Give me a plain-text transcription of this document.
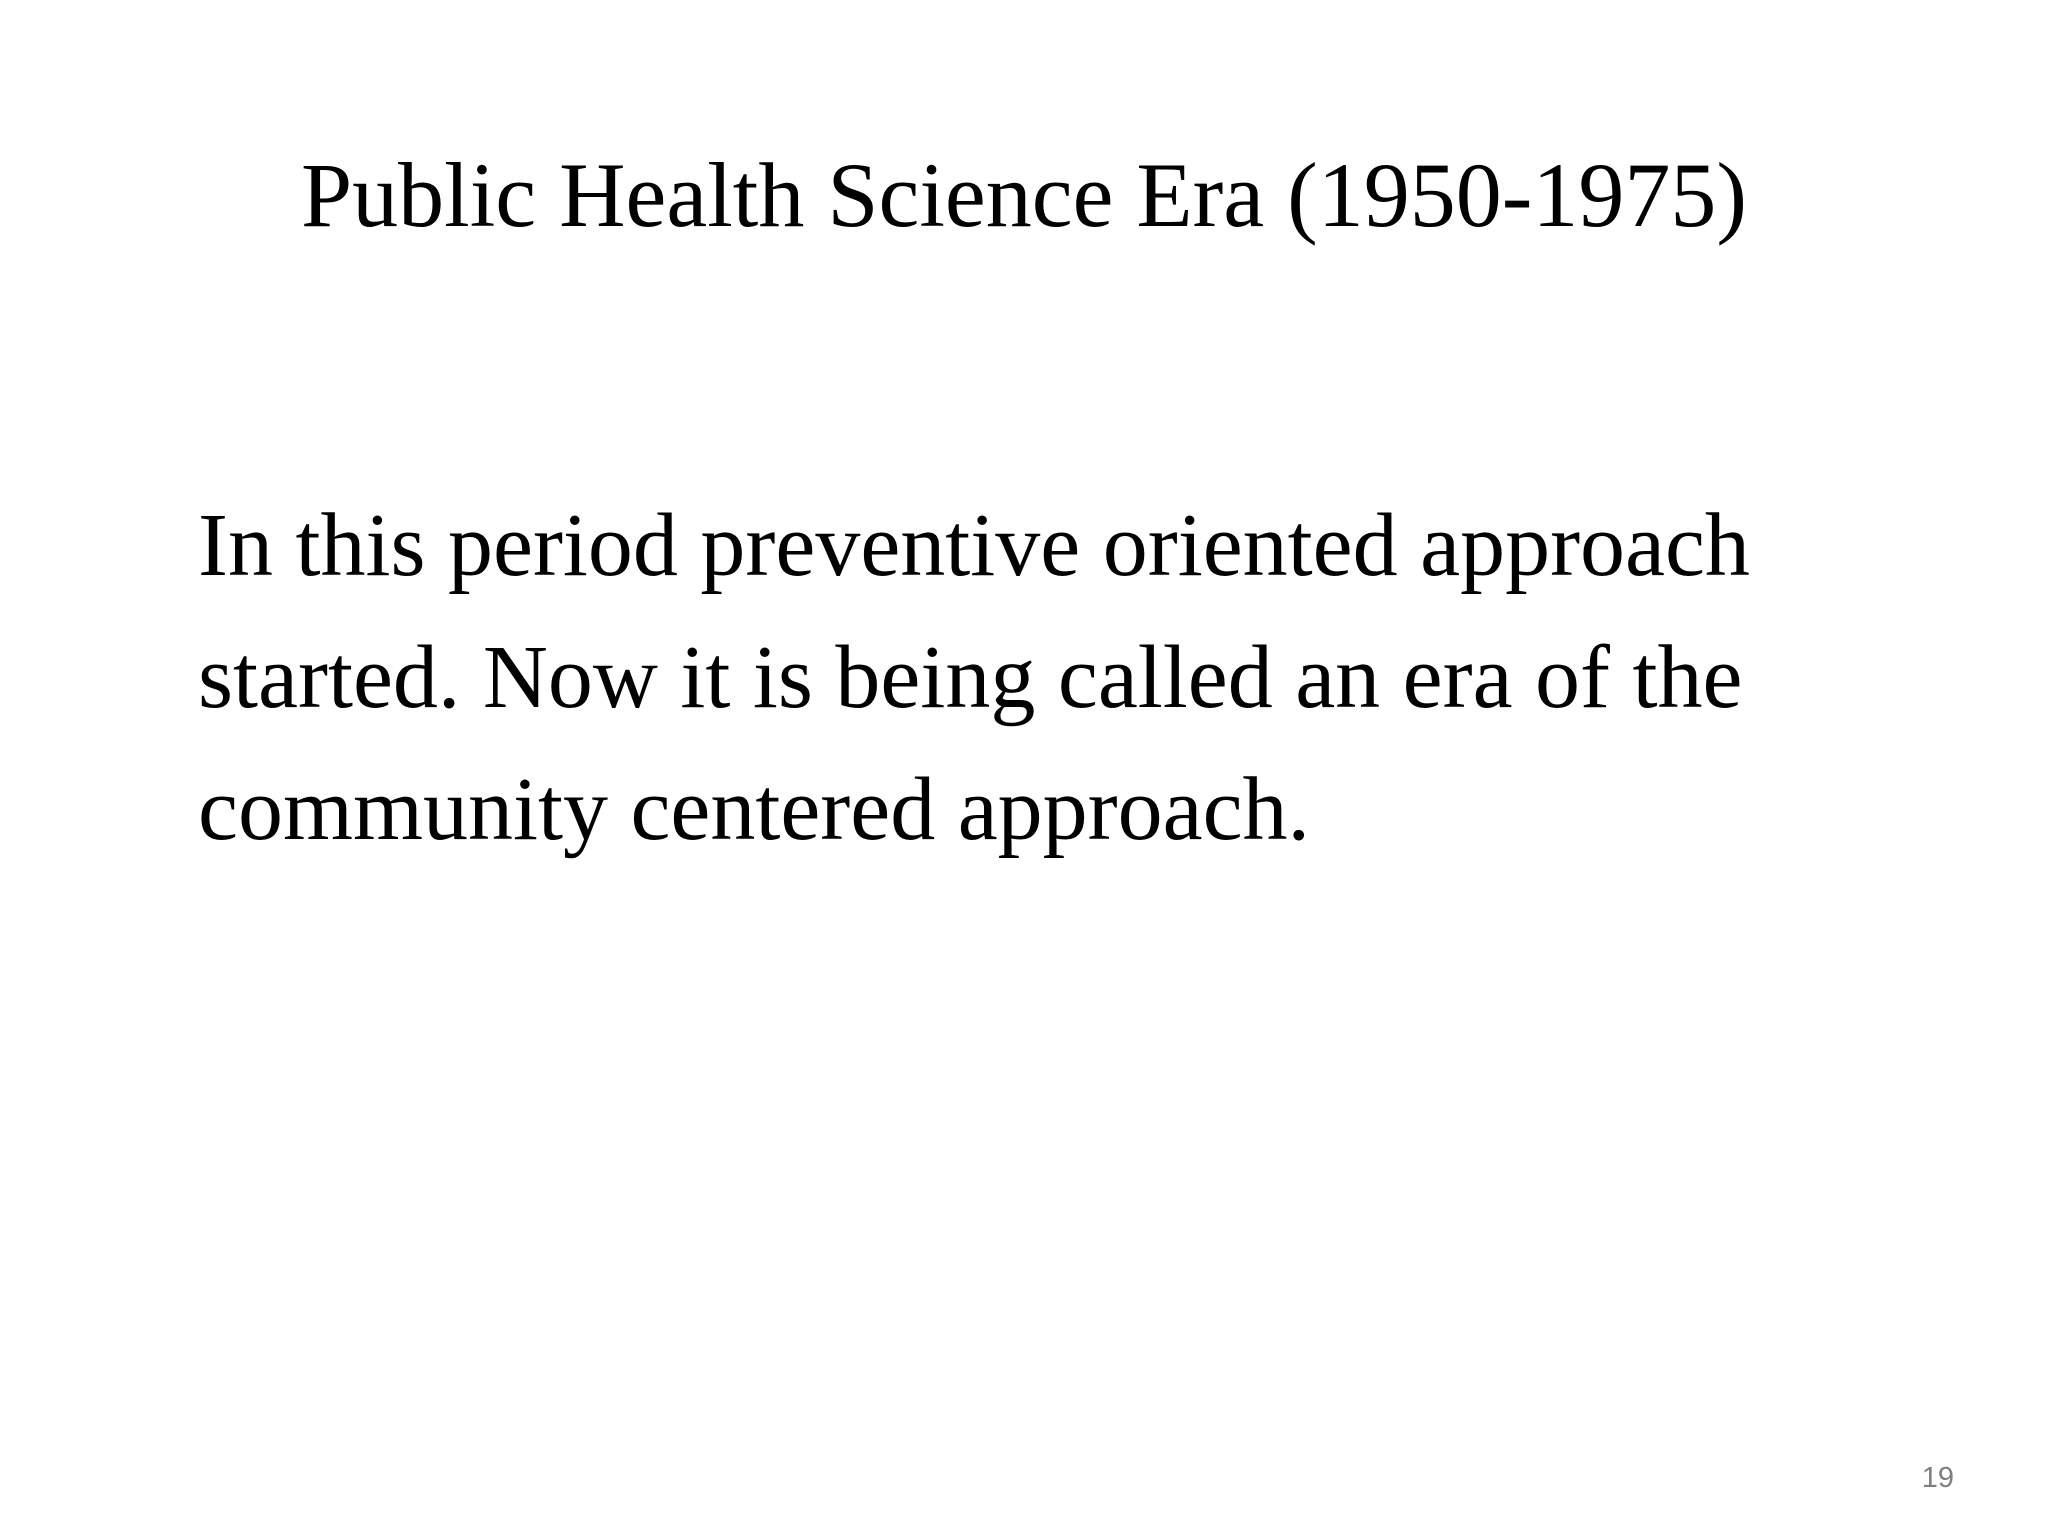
Public Health Science Era (1950-1975)

In this period preventive oriented approach
started. Now it is being called an era of the
community centered approach.

19
